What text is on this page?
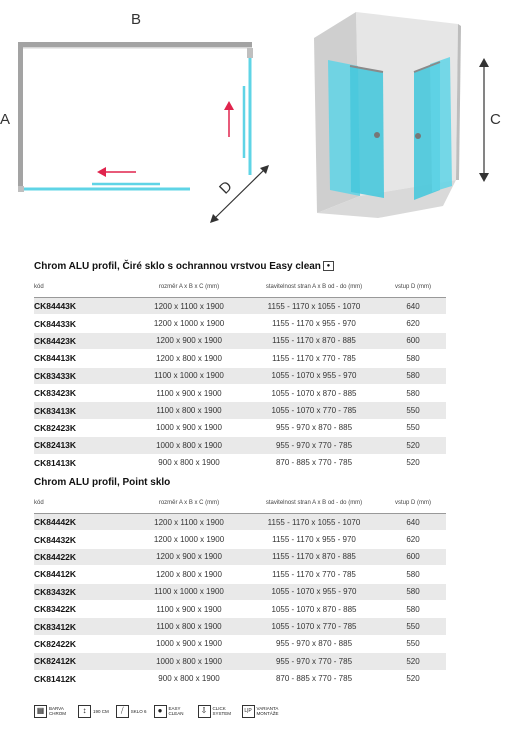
B
A
D
C
Chrom ALU profil, Čiré sklo s ochrannou vrstvou Easy clean ●
kód	rozměr A x B x C (mm)	stavitelnost stran A x B od - do (mm)	vstup D (mm)
CK84443K	1200 x 1100 x 1900	1155 - 1170 x 1055 - 1070	640
CK84433K	1200 x 1000 x 1900	1155 - 1170 x 955 - 970	620
CK84423K	1200 x 900 x 1900	1155 - 1170 x 870 - 885	600
CK84413K	1200 x 800 x 1900	1155 - 1170 x 770 - 785	580
CK83433K	1100 x 1000 x 1900	1055 - 1070 x 955 - 970	580
CK83423K	1100 x 900 x 1900	1055 - 1070 x 870 - 885	580
CK83413K	1100 x 800 x 1900	1055 - 1070 x 770 - 785	550
CK82423K	1000 x 900 x 1900	955 - 970 x 870 - 885	550
CK82413K	1000 x 800 x 1900	955 - 970 x 770 - 785	520
CK81413K	900 x 800 x 1900	870 - 885 x 770 - 785	520
Chrom ALU profil, Point sklo
kód	rozměr A x B x C (mm)	stavitelnost stran A x B od - do (mm)	vstup D (mm)
CK84442K	1200 x 1100 x 1900	1155 - 1170 x 1055 - 1070	640
CK84432K	1200 x 1000 x 1900	1155 - 1170 x 955 - 970	620
CK84422K	1200 x 900 x 1900	1155 - 1170 x 870 - 885	600
CK84412K	1200 x 800 x 1900	1155 - 1170 x 770 - 785	580
CK83432K	1100 x 1000 x 1900	1055 - 1070 x 955 - 970	580
CK83422K	1100 x 900 x 1900	1055 - 1070 x 870 - 885	580
CK83412K	1100 x 800 x 1900	1055 - 1070 x 770 - 785	550
CK82422K	1000 x 900 x 1900	955 - 970 x 870 - 885	550
CK82412K	1000 x 800 x 1900	955 - 970 x 770 - 785	520
CK81412K	900 x 800 x 1900	870 - 885 x 770 - 785	520
▦	BARVA CHROM	↕	190 CM	⧸	SKLO 6	●	EASY CLEAN	⇩	CLICK SYSTEM	L|P	VARIANTA MONTÁŽE
